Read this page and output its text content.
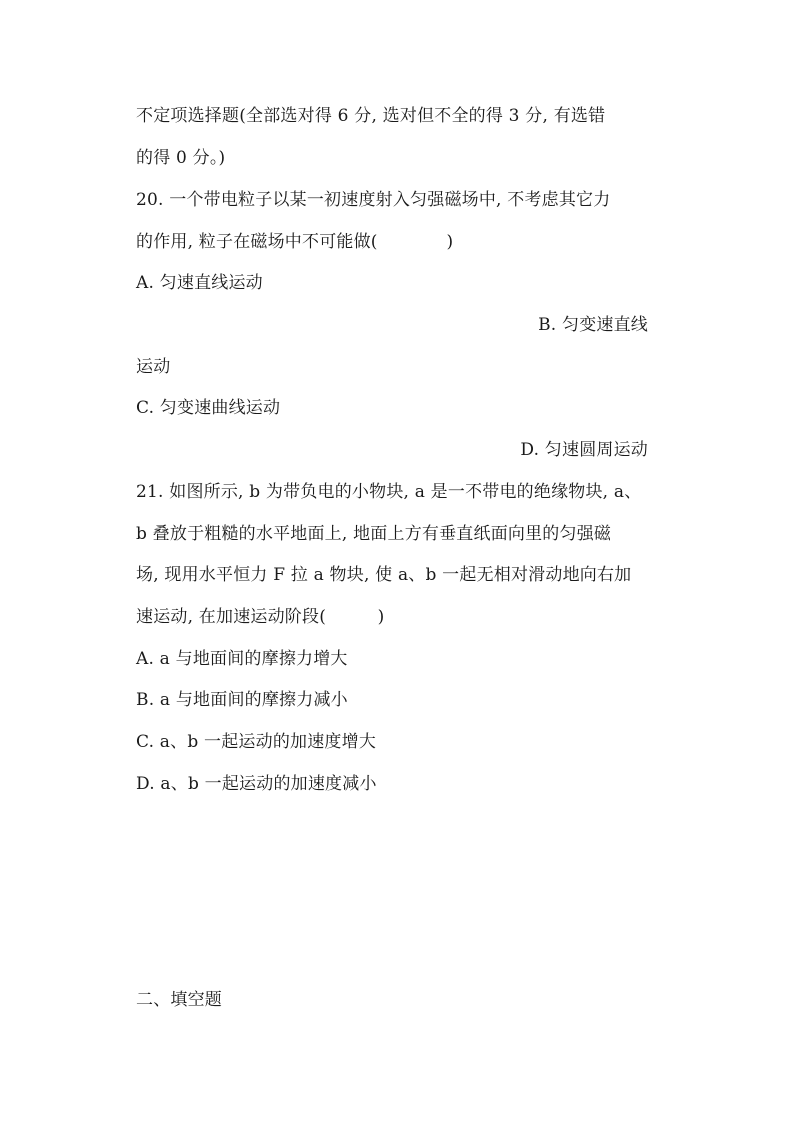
不定项选择题(全部选对得 6 分, 选对但不全的得 3 分, 有选错
的得 0 分。)
20. 一个带电粒子以某一初速度射入匀强磁场中, 不考虑其它力
的作用, 粒子在磁场中不可能做(　　　　)
A. 匀速直线运动
B. 匀变速直线
运动
C. 匀变速曲线运动
D. 匀速圆周运动
21. 如图所示, b 为带负电的小物块, a 是一不带电的绝缘物块, a、
b 叠放于粗糙的水平地面上, 地面上方有垂直纸面向里的匀强磁
场, 现用水平恒力 F 拉 a 物块, 使 a、b 一起无相对滑动地向右加
速运动, 在加速运动阶段(　　　)
A. a 与地面间的摩擦力增大
B. a 与地面间的摩擦力减小
C. a、b 一起运动的加速度增大
D. a、b 一起运动的加速度减小
二、填空题
